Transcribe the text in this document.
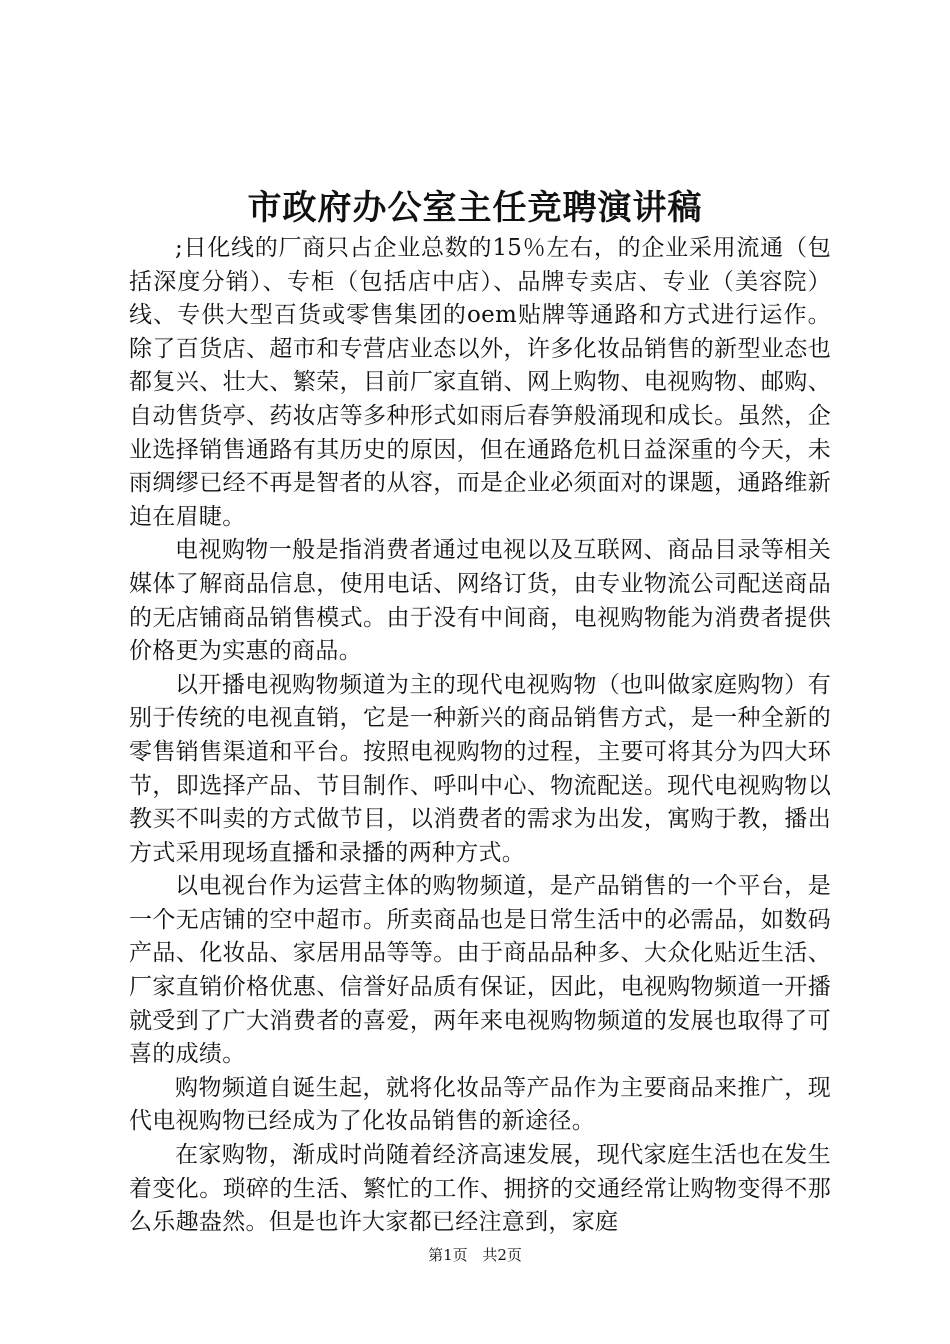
市政府办公室主任竞聘演讲稿

;日化线的厂商只占企业总数的15％左右，的企业采用流通（包括深度分销）、专柜（包括店中店）、品牌专卖店、专业（美容院）线、专供大型百货或零售集团的oem贴牌等通路和方式进行运作。除了百货店、超市和专营店业态以外，许多化妆品销售的新型业态也都复兴、壮大、繁荣，目前厂家直销、网上购物、电视购物、邮购、自动售货亭、药妆店等多种形式如雨后春笋般涌现和成长。虽然，企业选择销售通路有其历史的原因，但在通路危机日益深重的今天，未雨绸缪已经不再是智者的从容，而是企业必须面对的课题，通路维新迫在眉睫。

电视购物一般是指消费者通过电视以及互联网、商品目录等相关媒体了解商品信息，使用电话、网络订货，由专业物流公司配送商品的无店铺商品销售模式。由于没有中间商，电视购物能为消费者提供价格更为实惠的商品。

以开播电视购物频道为主的现代电视购物（也叫做家庭购物）有别于传统的电视直销，它是一种新兴的商品销售方式，是一种全新的零售销售渠道和平台。按照电视购物的过程，主要可将其分为四大环节，即选择产品、节目制作、呼叫中心、物流配送。现代电视购物以教买不叫卖的方式做节目，以消费者的需求为出发，寓购于教，播出方式采用现场直播和录播的两种方式。

以电视台作为运营主体的购物频道，是产品销售的一个平台，是一个无店铺的空中超市。所卖商品也是日常生活中的必需品，如数码产品、化妆品、家居用品等等。由于商品品种多、大众化贴近生活、厂家直销价格优惠、信誉好品质有保证，因此，电视购物频道一开播就受到了广大消费者的喜爱，两年来电视购物频道的发展也取得了可喜的成绩。

购物频道自诞生起，就将化妆品等产品作为主要商品来推广，现代电视购物已经成为了化妆品销售的新途径。

在家购物，渐成时尚随着经济高速发展，现代家庭生活也在发生着变化。琐碎的生活、繁忙的工作、拥挤的交通经常让购物变得不那么乐趣盎然。但是也许大家都已经注意到，家庭

第1页 共2页
